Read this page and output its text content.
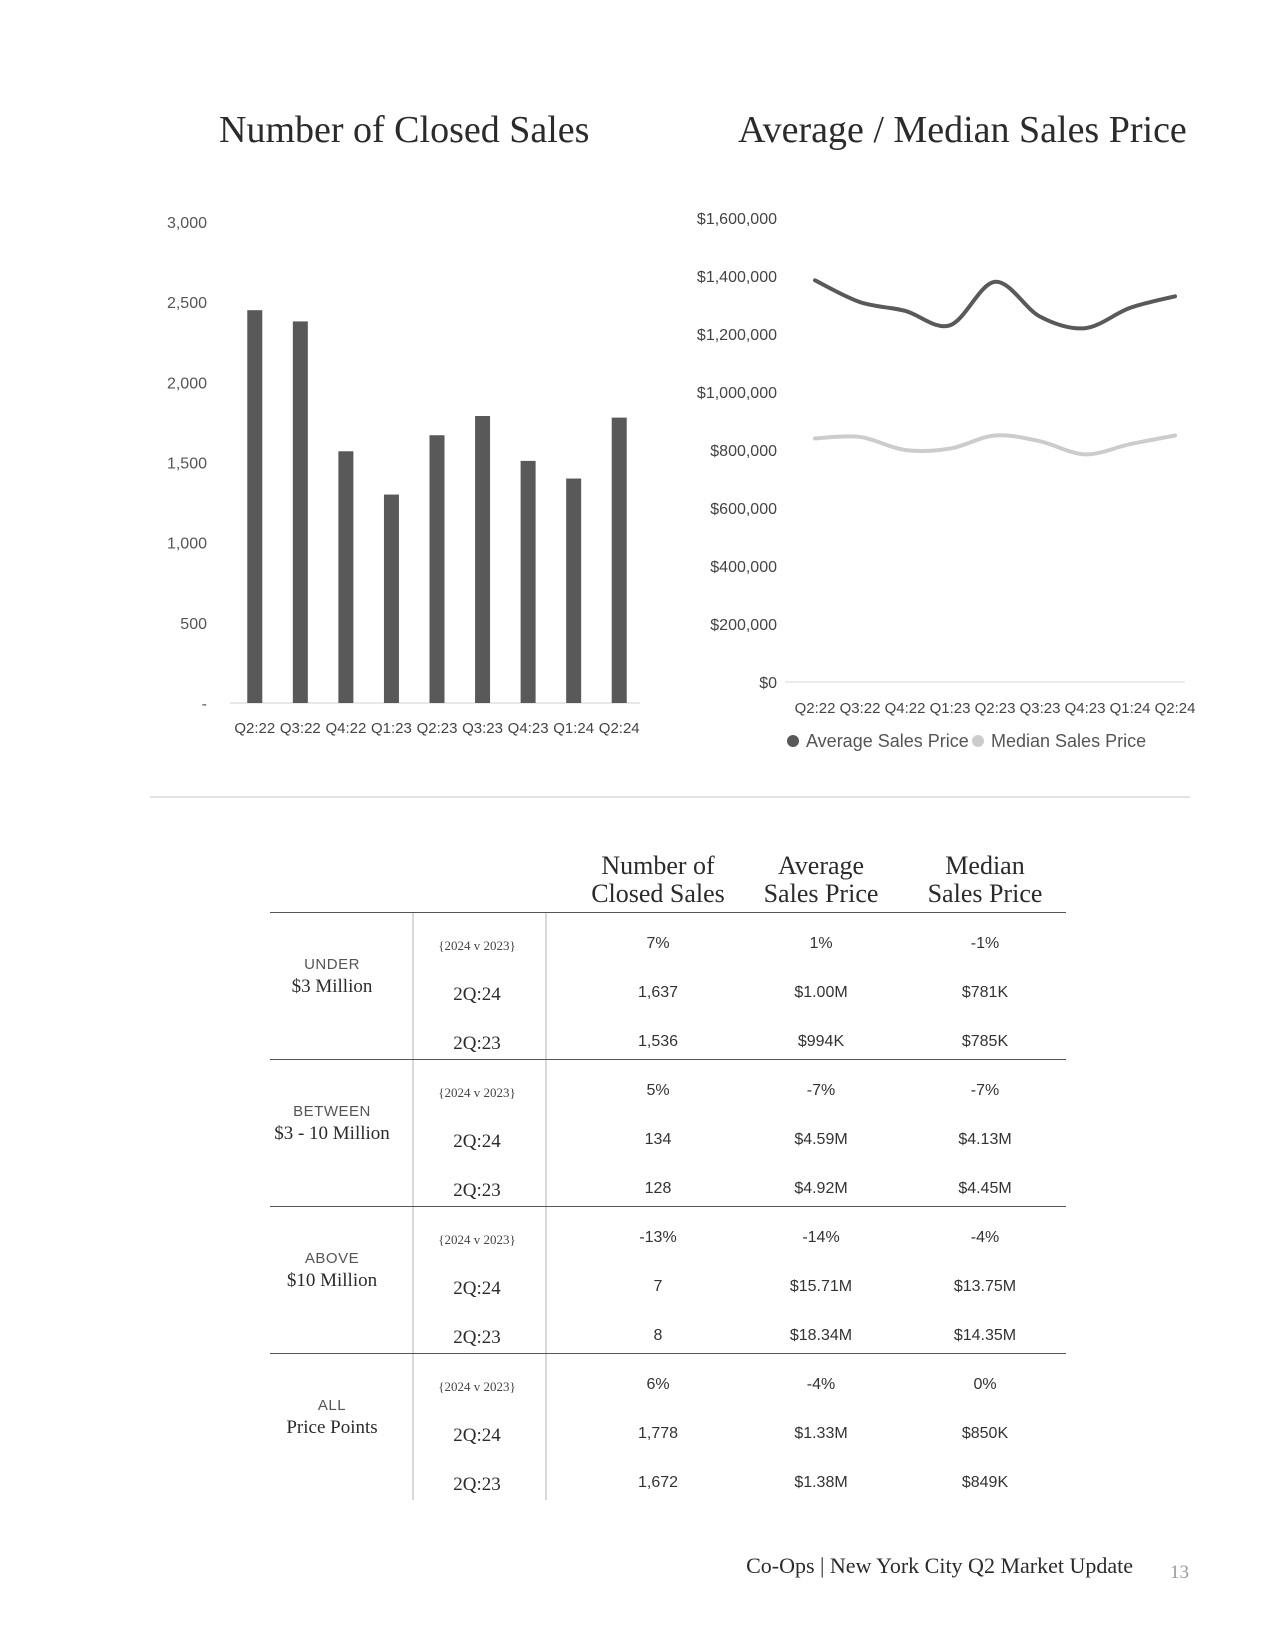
Number of Closed Sales	Average / Median Sales Price
-
500
1,000
1,500
2,000
2,500
3,000
Q2:22 Q3:22 Q4:22 Q1:23 Q2:23 Q3:23 Q4:23 Q1:24 Q2:24
$0
$200,000
$400,000
$600,000
$800,000
$1,000,000
$1,200,000
$1,400,000
$1,600,000
Q2:22 Q3:22 Q4:22 Q1:23 Q2:23 Q3:23 Q4:23 Q1:24 Q2:24
Average Sales Price Median Sales Price
Number of
Closed Sales
Average
Sales Price
Median
Sales Price
UNDER
$3 Million
{2024 v 2023}	7%	1%	-1%
2Q:24	1,637	$1.00M	$781K
2Q:23	1,536	$994K	$785K
BETWEEN
$3 - 10 Million
{2024 v 2023}	5%	-7%	-7%
2Q:24	134	$4.59M	$4.13M
2Q:23	128	$4.92M	$4.45M
ABOVE
$10 Million
{2024 v 2023}	-13%	-14%	-4%
2Q:24	7	$15.71M	$13.75M
2Q:23	8	$18.34M	$14.35M
ALL
Price Points
{2024 v 2023}	6%	-4%	0%
2Q:24	1,778	$1.33M	$850K
2Q:23	1,672	$1.38M	$849K
Co-Ops | New York City Q2 Market Update 13
